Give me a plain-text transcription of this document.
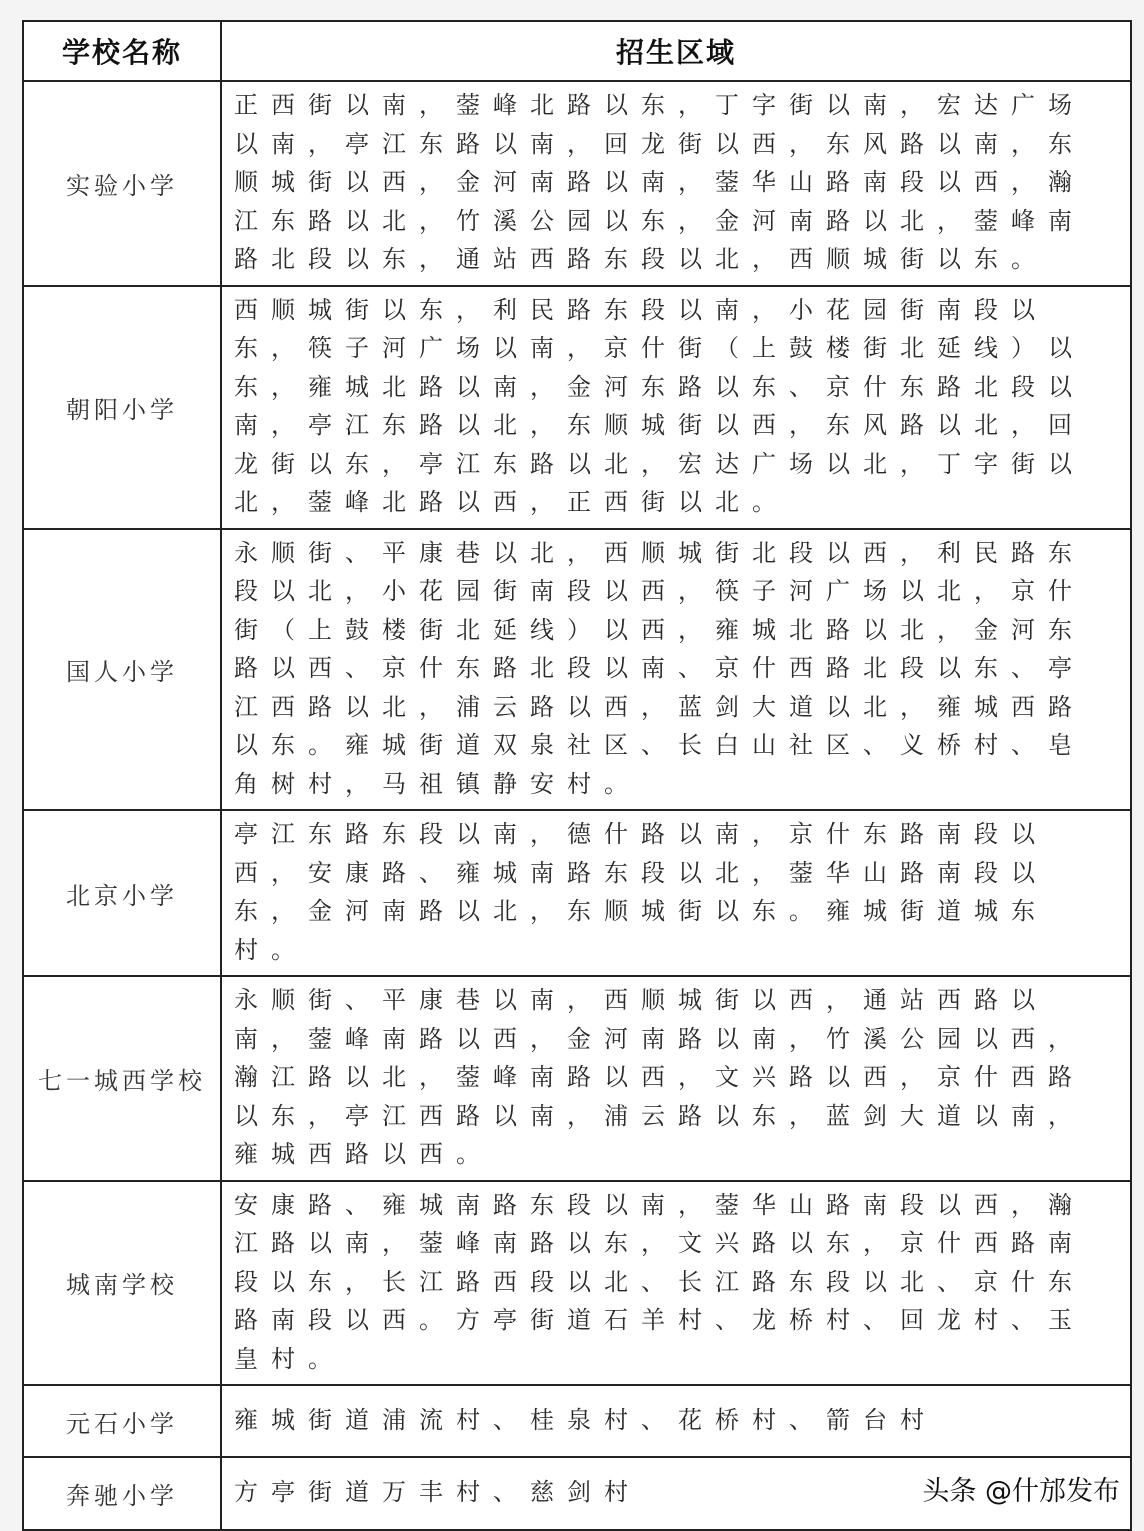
学校名称	招生区域
实验小学	正西街以南，蓥峰北路以东，丁字街以南，宏达广场以南，亭江东路以南，回龙街以西，东风路以南，东顺城街以西，金河南路以南，蓥华山路南段以西，瀚江东路以北，竹溪公园以东，金河南路以北，蓥峰南路北段以东，通站西路东段以北，西顺城街以东。
朝阳小学	西顺城街以东，利民路东段以南，小花园街南段以东，筷子河广场以南，京什街（上鼓楼街北延线）以东，雍城北路以南，金河东路以东、京什东路北段以南，亭江东路以北，东顺城街以西，东风路以北，回龙街以东，亭江东路以北，宏达广场以北，丁字街以北，蓥峰北路以西，正西街以北。
国人小学	永顺街、平康巷以北，西顺城街北段以西，利民路东段以北，小花园街南段以西，筷子河广场以北，京什街（上鼓楼街北延线）以西，雍城北路以北，金河东路以西、京什东路北段以南、京什西路北段以东、亭江西路以北，浦云路以西，蓝剑大道以北，雍城西路以东。雍城街道双泉社区、长白山社区、义桥村、皂角树村，马祖镇静安村。
北京小学	亭江东路东段以南，德什路以南，京什东路南段以西，安康路、雍城南路东段以北，蓥华山路南段以东，金河南路以北，东顺城街以东。雍城街道城东村。
七一城西学校	永顺街、平康巷以南，西顺城街以西，通站西路以南，蓥峰南路以西，金河南路以南，竹溪公园以西，瀚江路以北，蓥峰南路以西，文兴路以西，京什西路以东，亭江西路以南，浦云路以东，蓝剑大道以南，雍城西路以西。
城南学校	安康路、雍城南路东段以南，蓥华山路南段以西，瀚江路以南，蓥峰南路以东，文兴路以东，京什西路南段以东，长江路西段以北、长江路东段以北、京什东路南段以西。方亭街道石羊村、龙桥村、回龙村、玉皇村。
元石小学	雍城街道浦流村、桂泉村、花桥村、箭台村
奔驰小学	方亭街道万丰村、慈剑村 头条 @什邡发布
